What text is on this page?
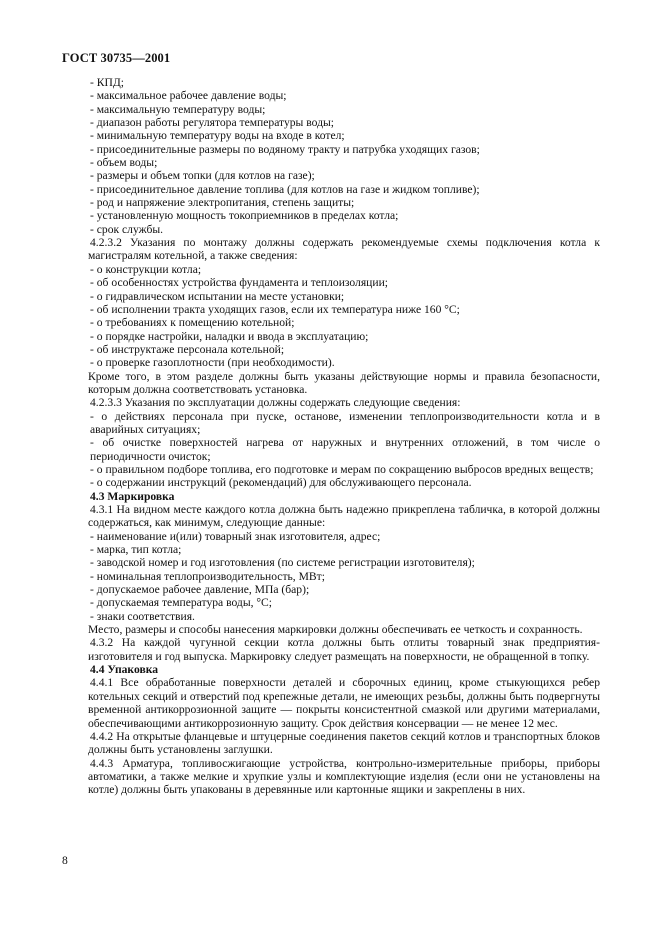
ГОСТ 30735—2001

- КПД;

- максимальное рабочее давление воды;

- максимальную температуру воды;

- диапазон работы регулятора температуры воды;

- минимальную температуру воды на входе в котел;

- присоединительные размеры по водяному тракту и патрубка уходящих газов;

- объем воды;

- размеры и объем топки (для котлов на газе);

- присоединительное давление топлива (для котлов на газе и жидком топливе);

- род и напряжение электропитания, степень защиты;

- установленную мощность токоприемников в пределах котла;

- срок службы.

4.2.3.2 Указания по монтажу должны содержать рекомендуемые схемы подключения котла к магистралям котельной, а также сведения:

- о конструкции котла;

- об особенностях устройства фундамента и теплоизоляции;

- о гидравлическом испытании на месте установки;

- об исполнении тракта уходящих газов, если их температура ниже 160 °С;

- о требованиях к помещению котельной;

- о порядке настройки, наладки и ввода в эксплуатацию;

- об инструктаже персонала котельной;

- о проверке газоплотности (при необходимости).

Кроме того, в этом разделе должны быть указаны действующие нормы и правила безопасности, которым должна соответствовать установка.

4.2.3.3 Указания по эксплуатации должны содержать следующие сведения:

- о действиях персонала при пуске, останове, изменении теплопроизводительности котла и в аварийных ситуациях;

- об очистке поверхностей нагрева от наружных и внутренних отложений, в том числе о периодичности очисток;

- о правильном подборе топлива, его подготовке и мерам по сокращению выбросов вредных веществ;

- о содержании инструкций (рекомендаций) для обслуживающего персонала.

4.3 Маркировка

4.3.1 На видном месте каждого котла должна быть надежно прикреплена табличка, в которой должны содержаться, как минимум, следующие данные:

- наименование и(или) товарный знак изготовителя, адрес;

- марка, тип котла;

- заводской номер и год изготовления (по системе регистрации изготовителя);

- номинальная теплопроизводительность, МВт;

- допускаемое рабочее давление, МПа (бар);

- допускаемая температура воды, °С;

- знаки соответствия.

Место, размеры и способы нанесения маркировки должны обеспечивать ее четкость и сохранность.

4.3.2 На каждой чугунной секции котла должны быть отлиты товарный знак предприятия-изготовителя и год выпуска. Маркировку следует размещать на поверхности, не обращенной в топку.

4.4 Упаковка

4.4.1 Все обработанные поверхности деталей и сборочных единиц, кроме стыкующихся ребер котельных секций и отверстий под крепежные детали, не имеющих резьбы, должны быть подвергнуты временной антикоррозионной защите — покрыты консистентной смазкой или другими материалами, обеспечивающими антикоррозионную защиту. Срок действия консервации — не менее 12 мес.

4.4.2 На открытые фланцевые и штуцерные соединения пакетов секций котлов и транспортных блоков должны быть установлены заглушки.

4.4.3 Арматура, топливосжигающие устройства, контрольно-измерительные приборы, приборы автоматики, а также мелкие и хрупкие узлы и комплектующие изделия (если они не установлены на котле) должны быть упакованы в деревянные или картонные ящики и закреплены в них.

8
